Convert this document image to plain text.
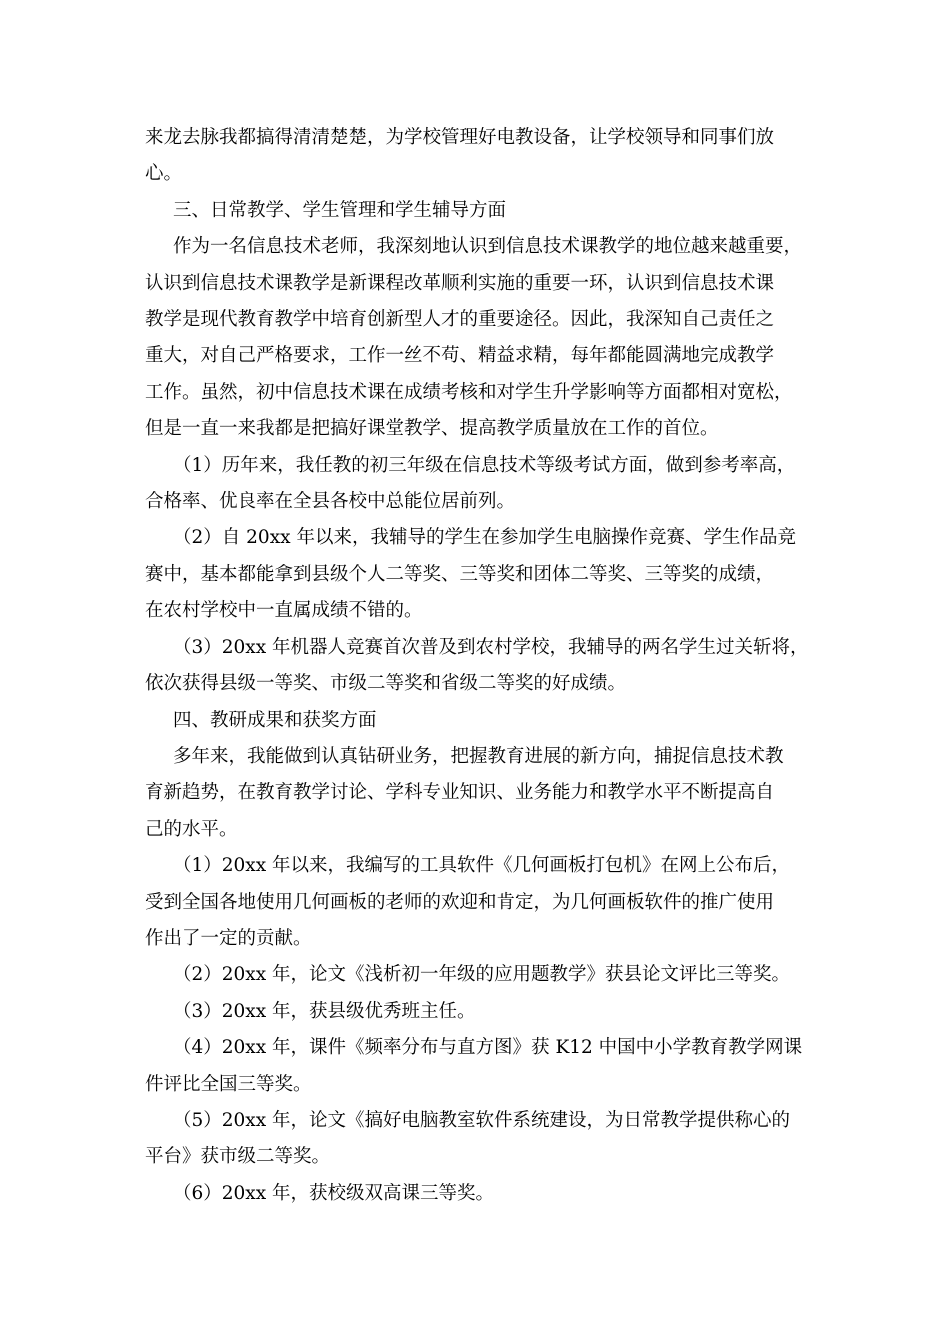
来龙去脉我都搞得清清楚楚，为学校管理好电教设备，让学校领导和同事们放
心。

三、日常教学、学生管理和学生辅导方面

作为一名信息技术老师，我深刻地认识到信息技术课教学的地位越来越重要，

认识到信息技术课教学是新课程改革顺利实施的重要一环，认识到信息技术课
教学是现代教育教学中培育创新型人才的重要途径。因此，我深知自己责任之
重大，对自己严格要求，工作一丝不苟、精益求精，每年都能圆满地完成教学
工作。虽然，初中信息技术课在成绩考核和对学生升学影响等方面都相对宽松，
但是一直一来我都是把搞好课堂教学、提高教学质量放在工作的首位。

（1）历年来，我任教的初三年级在信息技术等级考试方面，做到参考率高，

合格率、优良率在全县各校中总能位居前列。

（2）自 20xx 年以来，我辅导的学生在参加学生电脑操作竞赛、学生作品竞

赛中，基本都能拿到县级个人二等奖、三等奖和团体二等奖、三等奖的成绩，
在农村学校中一直属成绩不错的。

（3）20xx 年机器人竞赛首次普及到农村学校，我辅导的两名学生过关斩将，

依次获得县级一等奖、市级二等奖和省级二等奖的好成绩。

四、教研成果和获奖方面

多年来，我能做到认真钻研业务，把握教育进展的新方向，捕捉信息技术教

育新趋势，在教育教学讨论、学科专业知识、业务能力和教学水平不断提高自
己的水平。

（1）20xx 年以来，我编写的工具软件《几何画板打包机》在网上公布后，

受到全国各地使用几何画板的老师的欢迎和肯定，为几何画板软件的推广使用
作出了一定的贡献。

（2）20xx 年，论文《浅析初一年级的应用题教学》获县论文评比三等奖。

（3）20xx 年，获县级优秀班主任。

（4）20xx 年，课件《频率分布与直方图》获 K12 中国中小学教育教学网课

件评比全国三等奖。

（5）20xx 年，论文《搞好电脑教室软件系统建设，为日常教学提供称心的

平台》获市级二等奖。

（6）20xx 年，获校级双高课三等奖。
